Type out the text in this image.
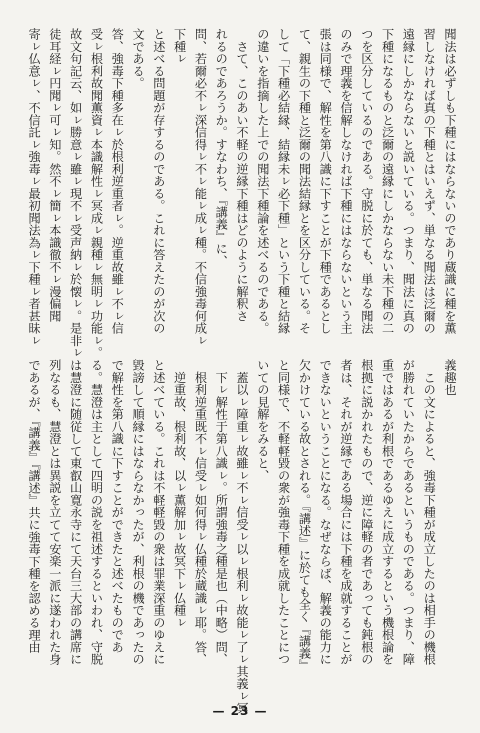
聞法は必ずしも下種にはならないのであり蔵識に種を薫
習しなければ真の下種とはいえず、単なる聞法は泛爾の
遠縁にしかならないと説いている。つまり、聞法に真の
下種になるものと泛爾の遠縁にしかならない未下種の二
つを区分しているのである。守脱に於ても、単なる聞法
のみで理義を信解しなければ下種にはならないという主
張は同様で、解性を第八識に下すことが下種であるとし
て、親生の下種と泛爾の聞法結縁とを区分している。そ
して「下種必結縁、結縁未ㇾ必下種」という下種と結縁
の違いを指摘した上での聞法下種論を述べるのである。
　さて、このあい不軽の逆縁下種はどのように解釈さ
れるのであろうか。すなわち、『講義』に、
問、若爾必不ㇾ深信得ㇾ不ㇾ能ㇾ成ㇾ種。不信強毒何成ㇾ
下種ㇾ
と述べる問題が存するのである。これに答えたのが次の
文である。
答、強毒下種多在ㇾ於根利逆重者ㇾ。逆重故雖ㇾ不ㇾ信
受ㇾ根利故聞薫資ㇾ本識解性ㇾ冥成ㇾ親種ㇾ無明ㇾ功能ㇾ。
故文句記云、如ㇾ勝意ㇾ雖ㇾ現不ㇾ受声納ㇾ於懐ㇾ。是非ㇾ
徒耳経ㇾ円聞ㇾ可ㇾ知。然不ㇾ簡ㇾ本識徹不ㇾ漫偏聞
寄ㇾ仏意ㇾ、不信託ㇾ強毒ㇾ最初聞法為ㇾ下種ㇾ者甚昧ㇾ
義趣也
　この文によると、強毒下種が成立したのは相手の機根
が勝れていたからであるというものである。つまり、障
重ではあるが利根であるゆえに成立するという機根論を
根拠に説かれたもので、逆に障軽の者であっても鈍根の
者は、それが逆縁である場合には下種を成就することが
できないということになる。なぜならば、解義の能力に
欠かけている故とされる。『講述』に於ても全く『講義』
と同様で、不軽軽毀の衆が強毒下種を成就したことにつ
いての見解をみると、
　蓋以ㇾ障重ㇾ故雖ㇾ不ㇾ信受ㇾ以ㇾ根利ㇾ故能ㇾ了ㇾ其義ㇾ冥
　下ㇾ解性于第八識ㇾ。所謂強毒之種是也（中略）問、
　根利逆重既不ㇾ信受ㇾ如何得ㇾ仏種於蔵識ㇾ耶。答、
　逆重故、根利故、以ㇾ薫解加ㇾ故冥下ㇾ仏種ㇾ
と述べている。これは不軽軽毀の衆は罪業深重のゆえに
毀謗して順縁にはならなかったが、利根の機であったの
で解性を第八識に下すことができたと述べたものであ
る。慧澄は主として四明の説を祖述するといわれ、守脱
は慧澄に随従して東叡山寛永寺にて天台三大部の講席に
列なるも、慧澄とは異説を立てて安楽一派に遂われた身
であるが、『講義』『講述』共に強毒下種を認める理由
— 23 —
